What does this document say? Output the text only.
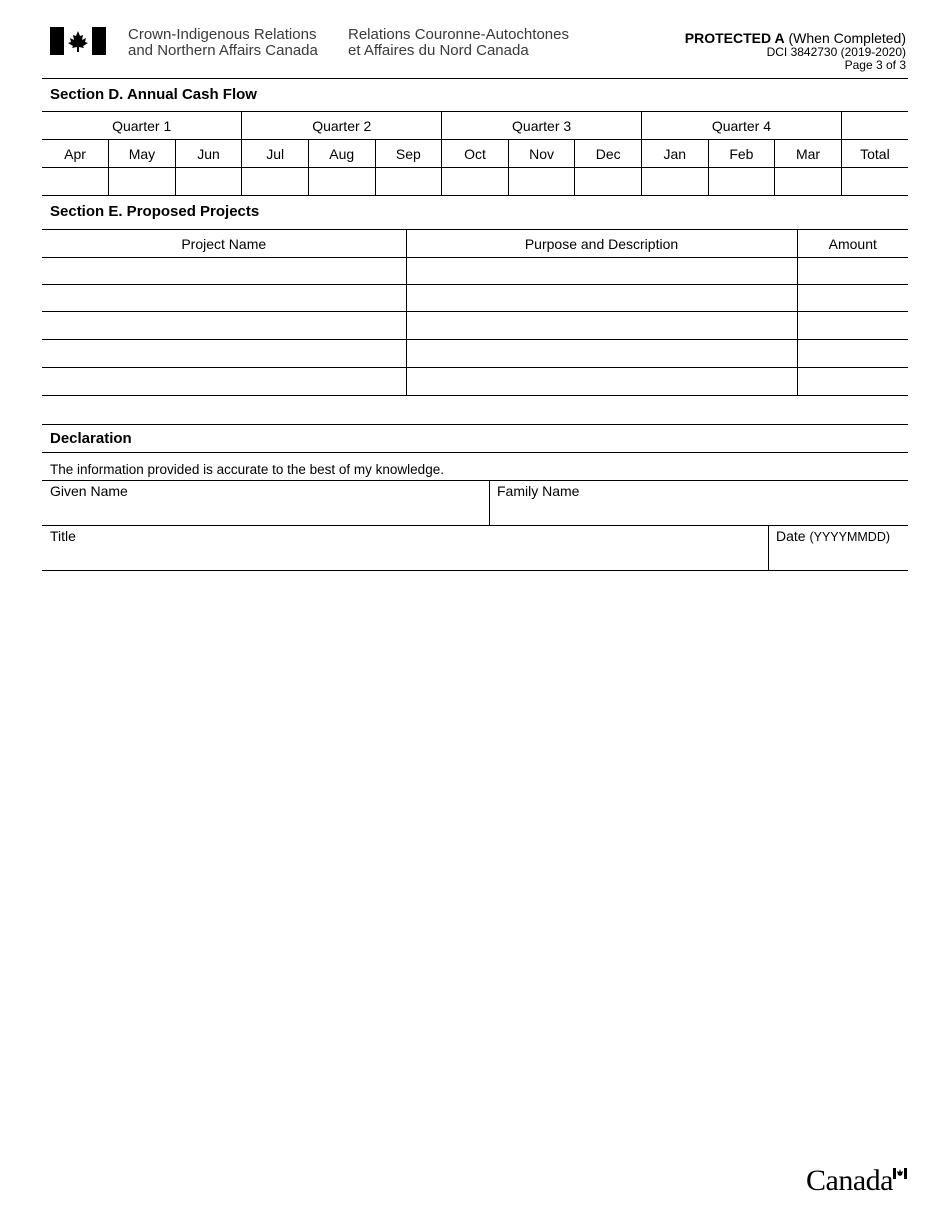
Crown-Indigenous Relations
and Northern Affairs Canada
Relations Couronne-Autochtones
et Affaires du Nord Canada
PROTECTED A (When Completed)
DCI 3842730 (2019-2020)
Page 3 of 3
Section D. Annual Cash Flow
Quarter 1			Quarter 2			Quarter 3			Quarter 4			
Apr	May	Jun	Jul	Aug	Sep	Oct	Nov	Dec	Jan	Feb	Mar	Total

Section E. Proposed Projects
Project Name	Purpose and Description	Amount

Declaration
The information provided is accurate to the best of my knowledge.
Given Name	Family Name
Title	Date (YYYYMMDD)
Canada
